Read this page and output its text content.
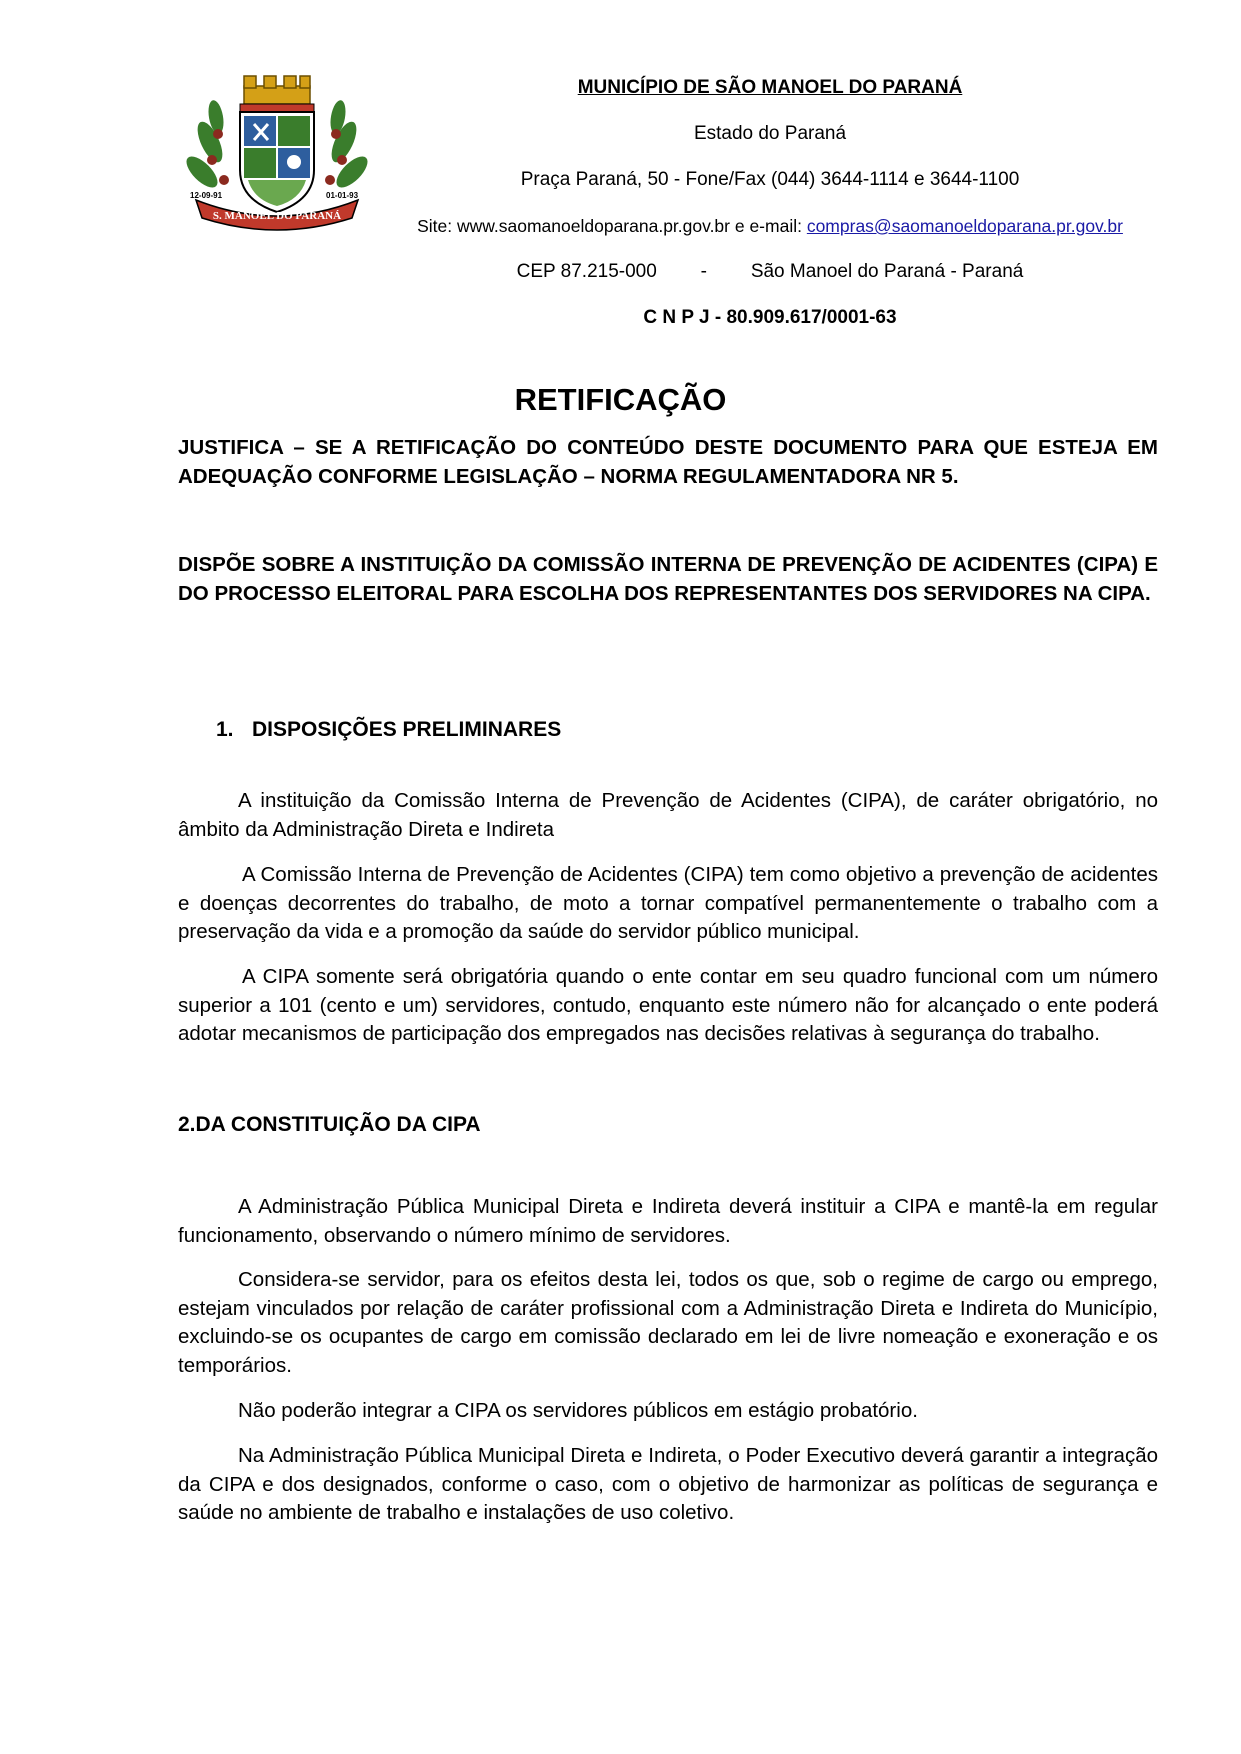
S. MANOEL DO PARANÁ
12-09-91	01-01-93
MUNICÍPIO DE SÃO MANOEL DO PARANÁ
Estado do Paraná
Praça Paraná, 50 - Fone/Fax (044) 3644-1114 e 3644-1100
Site: www.saomanoeldoparana.pr.gov.br e e-mail: compras@saomanoeldoparana.pr.gov.br
CEP 87.215-000 - São Manoel do Paraná - Paraná
C N P J - 80.909.617/0001-63
RETIFICAÇÃO
JUSTIFICA – SE A RETIFICAÇÃO DO CONTEÚDO DESTE DOCUMENTO PARA QUE ESTEJA EM ADEQUAÇÃO CONFORME LEGISLAÇÃO – NORMA REGULAMENTADORA NR 5.
DISPÕE SOBRE A INSTITUIÇÃO DA COMISSÃO INTERNA DE PREVENÇÃO DE ACIDENTES (CIPA) E DO PROCESSO ELEITORAL PARA ESCOLHA DOS REPRESENTANTES DOS SERVIDORES NA CIPA.
1. DISPOSIÇÕES PRELIMINARES

A instituição da Comissão Interna de Prevenção de Acidentes (CIPA), de caráter obrigatório, no âmbito da Administração Direta e Indireta

A Comissão Interna de Prevenção de Acidentes (CIPA) tem como objetivo a prevenção de acidentes e doenças decorrentes do trabalho, de moto a tornar compatível permanentemente o trabalho com a preservação da vida e a promoção da saúde do servidor público municipal.

A CIPA somente será obrigatória quando o ente contar em seu quadro funcional com um número superior a 101 (cento e um) servidores, contudo, enquanto este número não for alcançado o ente poderá adotar mecanismos de participação dos empregados nas decisões relativas à segurança do trabalho.

2.DA CONSTITUIÇÃO DA CIPA

A Administração Pública Municipal Direta e Indireta deverá instituir a CIPA e mantê-la em regular funcionamento, observando o número mínimo de servidores.

Considera-se servidor, para os efeitos desta lei, todos os que, sob o regime de cargo ou emprego, estejam vinculados por relação de caráter profissional com a Administração Direta e Indireta do Município, excluindo-se os ocupantes de cargo em comissão declarado em lei de livre nomeação e exoneração e os temporários.

Não poderão integrar a CIPA os servidores públicos em estágio probatório.

Na Administração Pública Municipal Direta e Indireta, o Poder Executivo deverá garantir a integração da CIPA e dos designados, conforme o caso, com o objetivo de harmonizar as políticas de segurança e saúde no ambiente de trabalho e instalações de uso coletivo.
